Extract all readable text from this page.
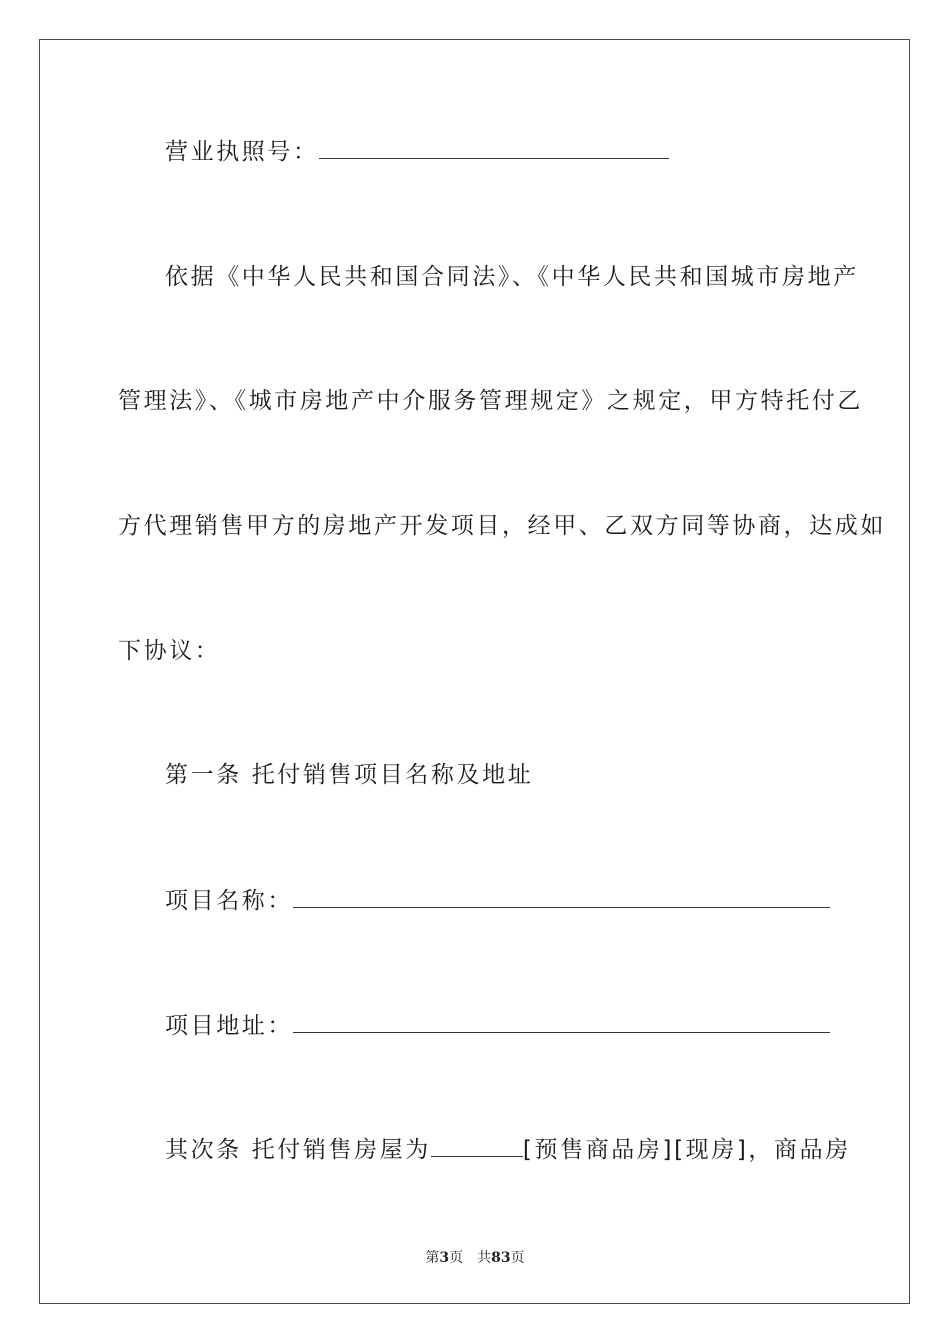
营业执照号：
依据《中华人民共和国合同法》、《中华人民共和国城市房地产
管理法》、《城市房地产中介服务管理规定》之规定，甲方特托付乙
方代理销售甲方的房地产开发项目，经甲、乙双方同等协商，达成如
下协议：
第一条 托付销售项目名称及地址
项目名称：
项目地址：
其次条 托付销售房屋为	[预售商品房][现房]，商品房
第3页　共83页
